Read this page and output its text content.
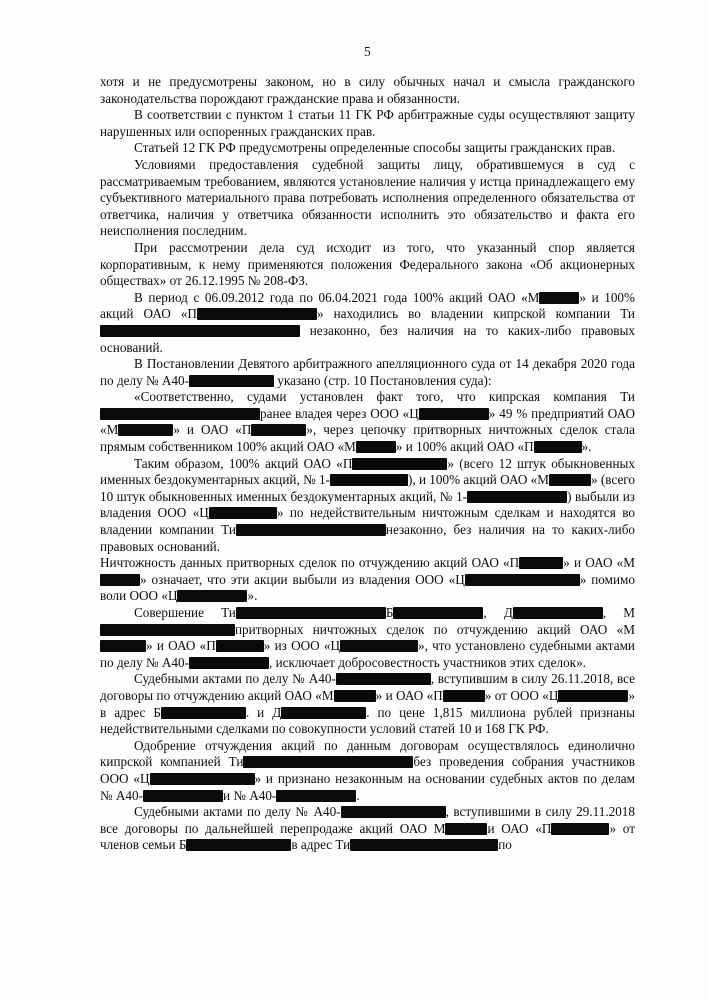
5

хотя и не предусмотрены законом, но в силу обычных начал и смысла гражданского законодательства порождают гражданские права и обязанности.

В соответствии с пунктом 1 статьи 11 ГК РФ арбитражные суды осуществляют защиту нарушенных или оспоренных гражданских прав.

Статьей 12 ГК РФ предусмотрены определенные способы защиты гражданских прав.

Условиями предоставления судебной защиты лицу, обратившемуся в суд с рассматриваемым требованием, являются установление наличия у истца принадлежащего ему субъективного материального права потребовать исполнения определенного обязательства от ответчика, наличия у ответчика обязанности исполнить это обязательство и факта его неисполнения последним.

При рассмотрении дела суд исходит из того, что указанный спор является корпоративным, к нему применяются положения Федерального закона «Об акционерных обществах» от 26.12.1995 № 208-ФЗ.

В период с 06.09.2012 года по 06.04.2021 года 100% акций ОАО «М	» и 100% акций ОАО «П	» находились во владении кипрской компании Ти незаконно, без наличия на то каких-либо правовых оснований.

В Постановлении Девятого арбитражного апелляционного суда от 14 декабря 2020 года по делу № А40-	указано (стр. 10 Постановления суда):

«Соответственно, судами установлен факт того, что кипрская компания Тиранее владея через ООО «Ц	» 49 % предприятий ОАО «М	» и ОАО «П	», через цепочку притворных ничтожных сделок стала прямым собственником 100% акций ОАО «М	» и 100% акций ОАО «П	».

Таким образом, 100% акций ОАО «П	» (всего 12 штук обыкновенных именных бездокументарных акций, № 1-	), и 100% акций ОАО «М	» (всего 10 штук обыкновенных именных бездокументарных акций, № 1-	) выбыли из владения ООО «Ц	» по недействительным ничтожным сделкам и находятся во владении компании Ти	незаконно, без наличия на то каких-либо правовых оснований.

Ничтожность данных притворных сделок по отчуждению акций ОАО «П	» и ОАО «М» означает, что эти акции выбыли из владения ООО «Ц	» помимо воли ООО «Ц	».

Совершение Ти	Б	, Д	, Мпритворных ничтожных сделок по отчуждению акций ОАО «М» и ОАО «П	» из ООО «Ц	», что установлено судебными актами по делу № А40-	, исключает добросовестность участников этих сделок».

Судебными актами по делу № А40-	, вступившим в силу 26.11.2018, все договоры по отчуждению акций ОАО «М	» и ОАО «П	» от ООО «Ц	» в адрес Б	. и Д	. по цене 1,815 миллиона рублей признаны недействительными сделками по совокупности условий статей 10 и 168 ГК РФ.

Одобрение отчуждения акций по данным договорам осуществлялось единолично кипрской компанией Ти	без проведения собрания участников ООО «Ц	» и признано незаконным на основании судебных актов по делам № А40-	и № А40-	.

Судебными актами по делу № А40-	, вступившими в силу 29.11.2018 все договоры по дальнейшей перепродаже акций ОАО М	и ОАО «П	» от членов семьи Б	в адрес Ти	по
